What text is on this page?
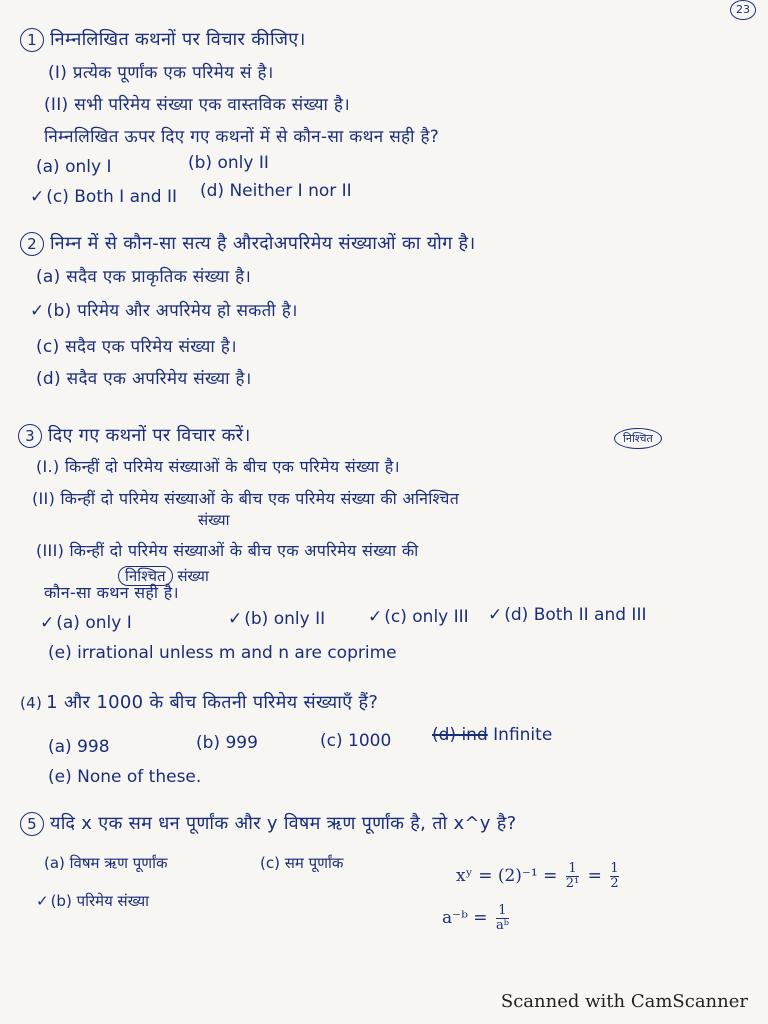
23
1 निम्नलिखित कथनों पर विचार कीजिए।
(I) प्रत्येक पूर्णांक एक परिमेय सं है।
(II) सभी परिमेय संख्या एक वास्तविक संख्या है।
निम्नलिखित ऊपर दिए गए कथनों में से कौन-सा कथन सही है?
(a) only I	(b) only II
✓ (c) Both I and II (d) Neither I nor II
2 निम्न में से कौन-सा सत्य है औरदोअपरिमेय संख्याओं का योग है।
(a) सदैव एक प्राकृतिक संख्या है।
✓ (b) परिमेय और अपरिमेय हो सकती है।
(c) सदैव एक परिमेय संख्या है।
(d) सदैव एक अपरिमेय संख्या है।
3 दिए गए कथनों पर विचार करें।	निश्चित
(I.) किन्हीं दो परिमेय संख्याओं के बीच एक परिमेय संख्या है।
(II) किन्हीं दो परिमेय संख्याओं के बीच एक परिमेय संख्या की अनिश्चित
संख्या
(III) किन्हीं दो परिमेय संख्याओं के बीच एक अपरिमेय संख्या की
निश्चित संख्या
कौन-सा कथन सही है।
✓ (a) only I	✓ (b) only II	✓ (c) only III ✓ (d) Both II and III
(e) irrational unless m and n are coprime
(4) 1 और 1000 के बीच कितनी परिमेय संख्याएँ हैं?
(a) 998	(b) 999	(c) 1000 (d) ind Infinite
(e) None of these.
5 यदि x एक सम धन पूर्णांक और y विषम ऋण पूर्णांक है, तो x^y है?
(a) विषम ऋण पूर्णांक	(c) सम पूर्णांक
✓ (b) परिमेय संख्या
xʸ = $(2)^{-1} = \frac{1}{\text{2¹}} = \frac{1}{2}$
a⁻ᵇ = $\frac{1}{\text{aᵇ}}$
Scanned with CamScanner
